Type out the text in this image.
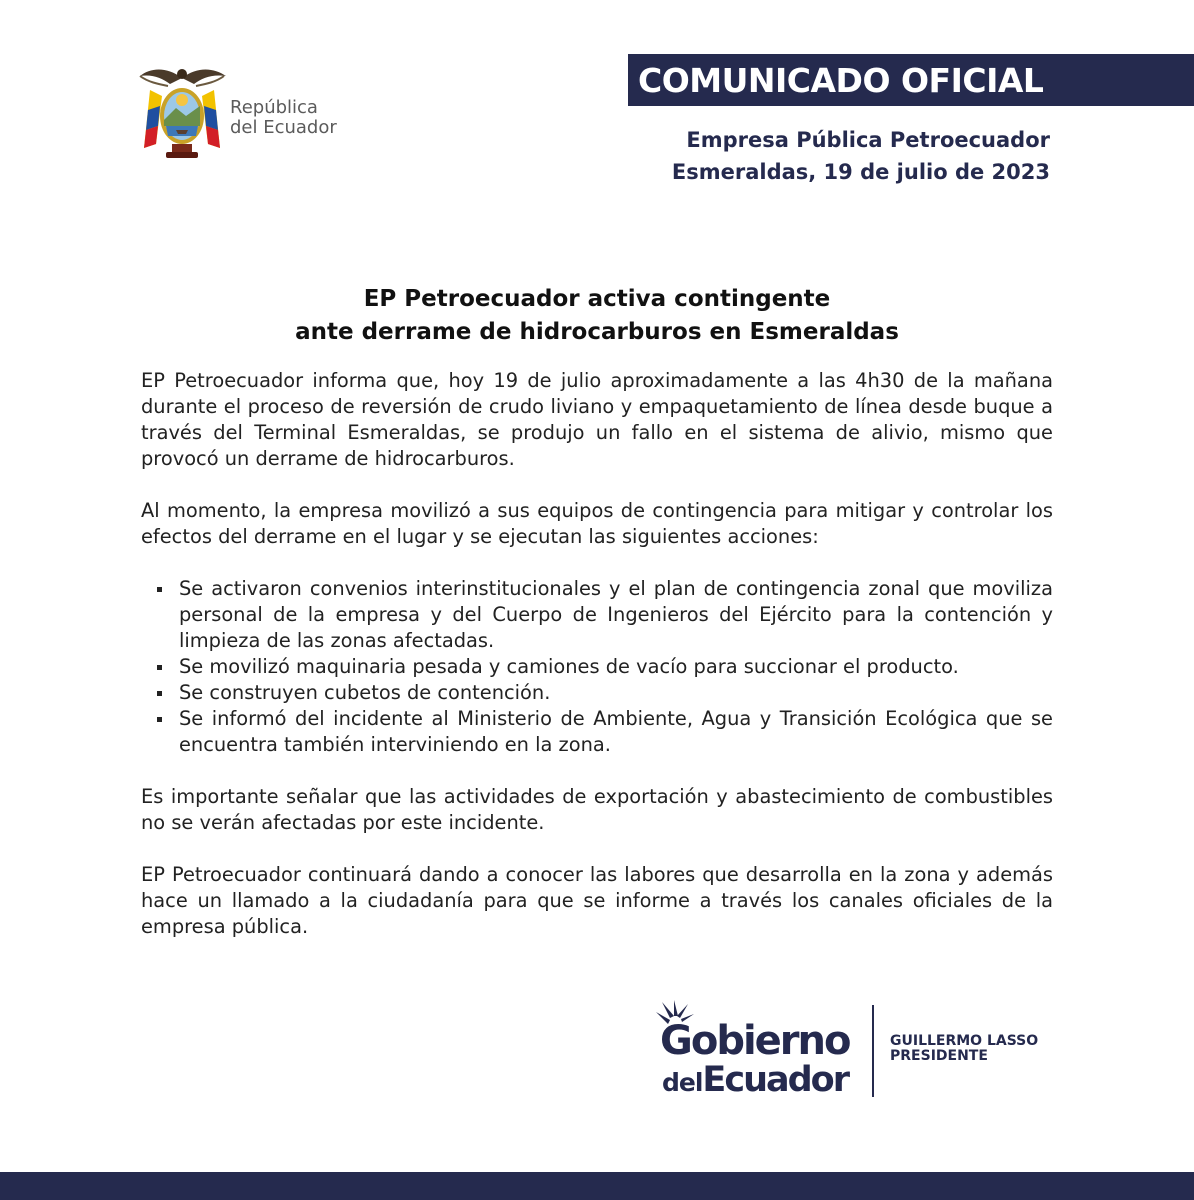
República
del Ecuador
COMUNICADO OFICIAL
Empresa Pública Petroecuador
Esmeraldas, 19 de julio de 2023
EP Petroecuador activa contingente
ante derrame de hidrocarburos en Esmeraldas

EP Petroecuador informa que, hoy 19 de julio aproximadamente a las 4h30 de la mañana durante el proceso de reversión de crudo liviano y empaquetamiento de línea desde buque a través del Terminal Esmeraldas, se produjo un fallo en el sistema de alivio, mismo que provocó un derrame de hidrocarburos.

Al momento, la empresa movilizó a sus equipos de contingencia para mitigar y controlar los efectos del derrame en el lugar y se ejecutan las siguientes acciones:

Se activaron convenios interinstitucionales y el plan de contingencia zonal que moviliza personal de la empresa y del Cuerpo de Ingenieros del Ejército para la contención y limpieza de las zonas afectadas.
Se movilizó maquinaria pesada y camiones de vacío para succionar el producto.
Se construyen cubetos de contención.
Se informó del incidente al Ministerio de Ambiente, Agua y Transición Ecológica que se encuentra también interviniendo en la zona.

Es importante señalar que las actividades de exportación y abastecimiento de combustibles no se verán afectadas por este incidente.

EP Petroecuador continuará dando a conocer las labores que desarrolla en la zona y además hace un llamado a la ciudadanía para que se informe a través los canales oficiales de la empresa pública.

Gobierno
delEcuador
GUILLERMO LASSO
PRESIDENTE
